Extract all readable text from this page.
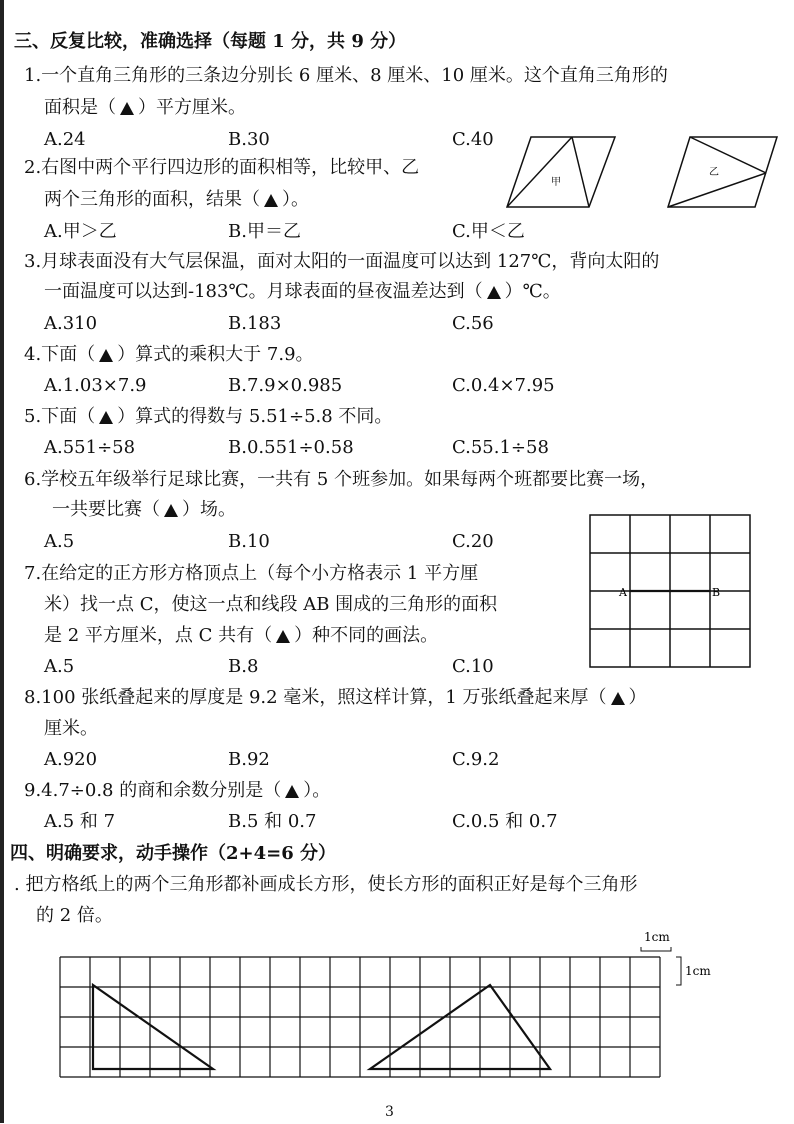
三、反复比较，准确选择（每题 1 分，共 9 分）
1.一个直角三角形的三条边分别长 6 厘米、8 厘米、10 厘米。这个直角三角形的
面积是（ ）平方厘米。
A.24	B.30	C.40
2.右图中两个平行四边形的面积相等，比较甲、乙
两个三角形的面积，结果（ ）。
A.甲＞乙	B.甲＝乙	C.甲＜乙
甲
乙
3.月球表面没有大气层保温，面对太阳的一面温度可以达到 127℃，背向太阳的
一面温度可以达到-183℃。月球表面的昼夜温差达到（ ）℃。
A.310	B.183	C.56
4.下面（ ）算式的乘积大于 7.9。
A.1.03×7.9	B.7.9×0.985	C.0.4×7.95
5.下面（ ）算式的得数与 5.51÷5.8 不同。
A.551÷58	B.0.551÷0.58	C.55.1÷58
6.学校五年级举行足球比赛，一共有 5 个班参加。如果每两个班都要比赛一场，
一共要比赛（ ）场。
A.5	B.10	C.20
A	B
7.在给定的正方形方格顶点上（每个小方格表示 1 平方厘
米）找一点 C，使这一点和线段 AB 围成的三角形的面积
是 2 平方厘米，点 C 共有（ ）种不同的画法。
A.5	B.8	C.10
8.100 张纸叠起来的厚度是 9.2 毫米，照这样计算，1 万张纸叠起来厚（ ）
厘米。
A.920	B.92	C.9.2
9.4.7÷0.8 的商和余数分别是（ ）。
A.5 和 7	B.5 和 0.7	C.0.5 和 0.7
四、明确要求，动手操作（2+4=6 分）
. 把方格纸上的两个三角形都补画成长方形，使长方形的面积正好是每个三角形
的 2 倍。
1cm
1cm
3
